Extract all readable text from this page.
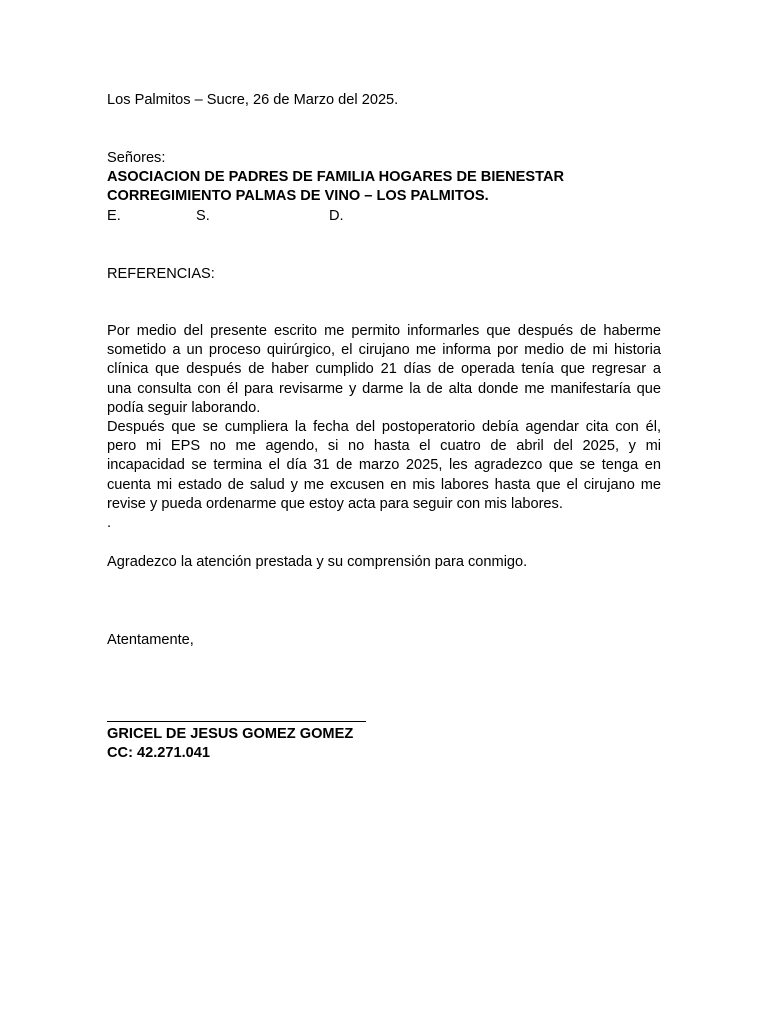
Los Palmitos – Sucre, 26 de Marzo del 2025.

Señores:

ASOCIACION DE PADRES DE FAMILIA HOGARES DE BIENESTAR

CORREGIMIENTO PALMAS DE VINO – LOS PALMITOS.

E.	S.	D.

REFERENCIAS:

Por medio del presente escrito me permito informarles que después de haberme
sometido a un proceso quirúrgico, el cirujano me informa por medio de mi historia
clínica que después de haber cumplido 21 días de operada tenía que regresar a
una consulta con él para revisarme y darme la de alta donde me manifestaría que
podía seguir laborando.
Después que se cumpliera la fecha del postoperatorio debía agendar cita con él,
pero mi EPS no me agendo, si no hasta el cuatro de abril del 2025, y mi
incapacidad se termina el día 31 de marzo 2025, les agradezco que se tenga en
cuenta mi estado de salud y me excusen en mis labores hasta que el cirujano me
revise y pueda ordenarme que estoy acta para seguir con mis labores.

.

Agradezco la atención prestada y su comprensión para conmigo.

Atentamente,

GRICEL DE JESUS GOMEZ GOMEZ

CC: 42.271.041
